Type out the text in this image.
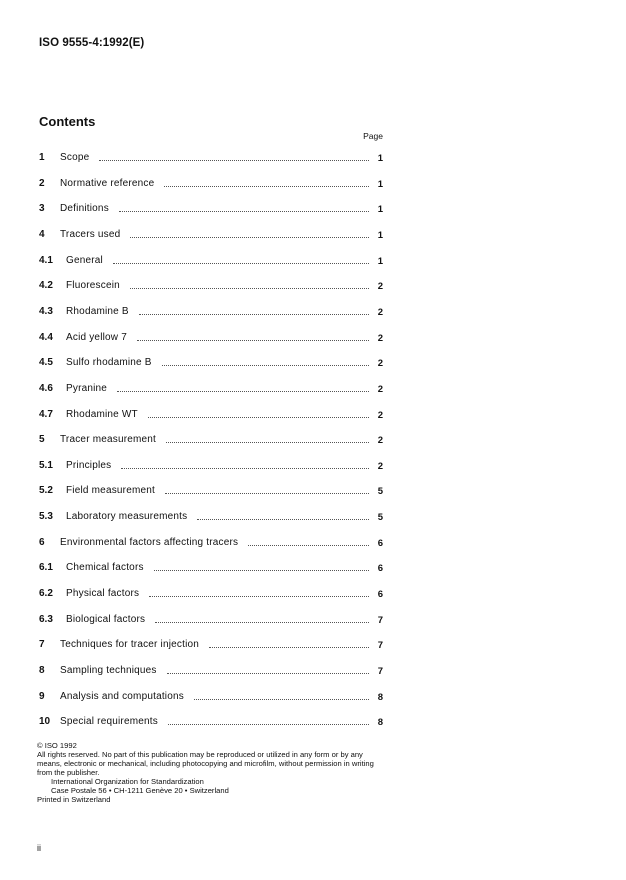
ISO 9555-4:1992(E)
Contents
Page
1 Scope	1
2 Normative reference	1
3 Definitions	1
4 Tracers used	1
4.1 General	1
4.2 Fluorescein	2
4.3 Rhodamine B	2
4.4 Acid yellow 7	2
4.5 Sulfo rhodamine B	2
4.6 Pyranine	2
4.7 Rhodamine WT	2
5 Tracer measurement	2
5.1 Principles	2
5.2 Field measurement	5
5.3 Laboratory measurements	5
6 Environmental factors affecting tracers	6
6.1 Chemical factors	6
6.2 Physical factors	6
6.3 Biological factors	7
7 Techniques for tracer injection	7
8 Sampling techniques	7
9 Analysis and computations	8
10 Special requirements	8
© ISO 1992
All rights reserved. No part of this publication may be reproduced or utilized in any form or by any means, electronic or mechanical, including photocopying and microfilm, without permission in writing from the publisher.
International Organization for Standardization
Case Postale 56 • CH-1211 Genève 20 • Switzerland
Printed in Switzerland
ii
